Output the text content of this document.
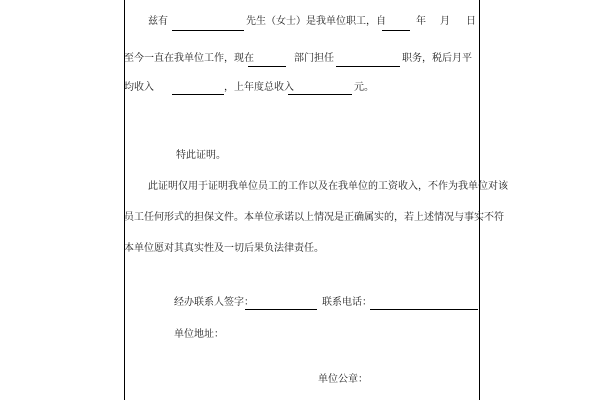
兹有	先生（女士）是我单位职工，自	年 月 日
至今一直在我单位工作，现在	部门担任	职务，税后月平
均收入	，上年度总收入	元。
特此证明。
此证明仅用于证明我单位员工的工作以及在我单位的工资收入，不作为我单位对该
员工任何形式的担保文件。本单位承诺以上情况是正确属实的，若上述情况与事实不符
本单位愿对其真实性及一切后果负法律责任。
经办联系人签字：	联系电话：
单位地址：
单位公章：
